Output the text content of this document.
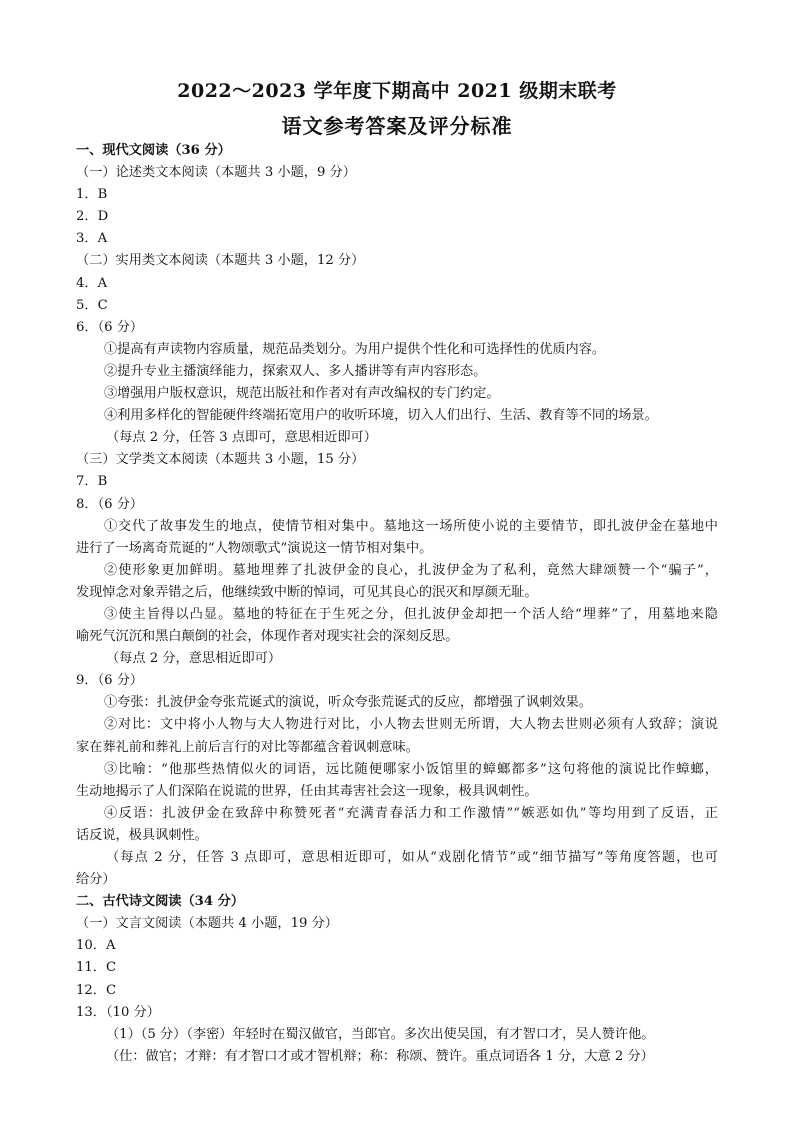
2022～2023 学年度下期高中 2021 级期末联考
语文参考答案及评分标准
一、现代文阅读（36 分）
（一）论述类文本阅读（本题共 3 小题，9 分）
1．B
2．D
3．A
（二）实用类文本阅读（本题共 3 小题，12 分）
4．A
5．C
6．（6 分）
①提高有声读物内容质量，规范品类划分。为用户提供个性化和可选择性的优质内容。
②提升专业主播演绎能力，探索双人、多人播讲等有声内容形态。
③增强用户版权意识，规范出版社和作者对有声改编权的专门约定。
④利用多样化的智能硬件终端拓宽用户的收听环境，切入人们出行、生活、教育等不同的场景。
（每点 2 分，任答 3 点即可，意思相近即可）
（三）文学类文本阅读（本题共 3 小题，15 分）
7．B
8．（6 分）
①交代了故事发生的地点，使情节相对集中。墓地这一场所使小说的主要情节，即扎波伊金在墓地中
进行了一场离奇荒诞的“人物颂歌式”演说这一情节相对集中。
②使形象更加鲜明。墓地埋葬了扎波伊金的良心，扎波伊金为了私利，竟然大肆颂赞一个“骗子”，
发现悼念对象弄错之后，他继续致中断的悼词，可见其良心的泯灭和厚颜无耻。
③使主旨得以凸显。墓地的特征在于生死之分，但扎波伊金却把一个活人给“埋葬”了，用墓地来隐
喻死气沉沉和黑白颠倒的社会，体现作者对现实社会的深刻反思。
（每点 2 分，意思相近即可）
9．（6 分）
①夸张：扎波伊金夸张荒诞式的演说，听众夸张荒诞式的反应，都增强了讽刺效果。
②对比：文中将小人物与大人物进行对比，小人物去世则无所谓，大人物去世则必须有人致辞；演说
家在葬礼前和葬礼上前后言行的对比等都蕴含着讽刺意味。
③比喻：“他那些热情似火的词语，远比随便哪家小饭馆里的蟑螂都多”这句将他的演说比作蟑螂，
生动地揭示了人们深陷在说谎的世界，任由其毒害社会这一现象，极具讽刺性。
④反语：扎波伊金在致辞中称赞死者“充满青春活力和工作激情”“嫉恶如仇”等均用到了反语，正
话反说，极具讽刺性。
（每点 2 分，任答 3 点即可，意思相近即可，如从“戏剧化情节”或“细节描写”等角度答题，也可
给分）
二、古代诗文阅读（34 分）
（一）文言文阅读（本题共 4 小题，19 分）
10．A
11．C
12．C
13．（10 分）
（1）（5 分）（李密）年轻时在蜀汉做官，当郎官。多次出使吴国，有才智口才，吴人赞许他。
（仕：做官；才辩：有才智口才或才智机辩；称：称颂、赞许。重点词语各 1 分，大意 2 分）
